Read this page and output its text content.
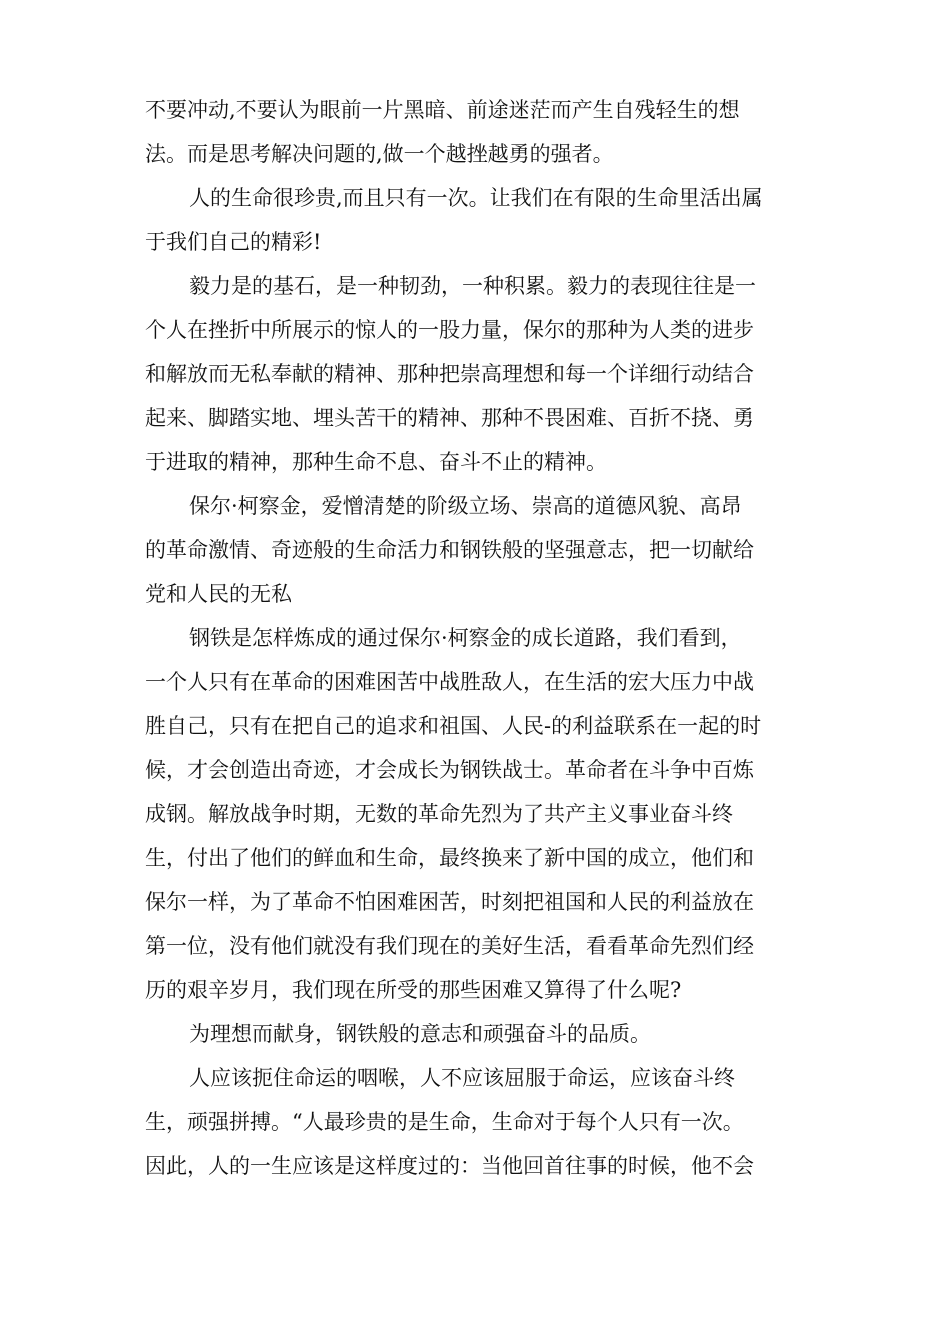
不要冲动,不要认为眼前一片黑暗、前途迷茫而产生自残轻生的想
法。而是思考解决问题的,做一个越挫越勇的强者。
人的生命很珍贵,而且只有一次。让我们在有限的生命里活出属
于我们自己的精彩!
毅力是的基石，是一种韧劲，一种积累。毅力的表现往往是一
个人在挫折中所展示的惊人的一股力量，保尔的那种为人类的进步
和解放而无私奉献的精神、那种把崇高理想和每一个详细行动结合
起来、脚踏实地、埋头苦干的精神、那种不畏困难、百折不挠、勇
于进取的精神，那种生命不息、奋斗不止的精神。
保尔·柯察金，爱憎清楚的阶级立场、崇高的道德风貌、高昂
的革命激情、奇迹般的生命活力和钢铁般的坚强意志，把一切献给
党和人民的无私
钢铁是怎样炼成的通过保尔·柯察金的成长道路，我们看到，
一个人只有在革命的困难困苦中战胜敌人，在生活的宏大压力中战
胜自己，只有在把自己的追求和祖国、人民-的利益联系在一起的时
候，才会创造出奇迹，才会成长为钢铁战士。革命者在斗争中百炼
成钢。解放战争时期，无数的革命先烈为了共产主义事业奋斗终
生，付出了他们的鲜血和生命，最终换来了新中国的成立，他们和
保尔一样，为了革命不怕困难困苦，时刻把祖国和人民的利益放在
第一位，没有他们就没有我们现在的美好生活，看看革命先烈们经
历的艰辛岁月，我们现在所受的那些困难又算得了什么呢?
为理想而献身，钢铁般的意志和顽强奋斗的品质。
人应该扼住命运的咽喉，人不应该屈服于命运，应该奋斗终
生，顽强拼搏。“人最珍贵的是生命，生命对于每个人只有一次。
因此，人的一生应该是这样度过的：当他回首往事的时候，他不会
